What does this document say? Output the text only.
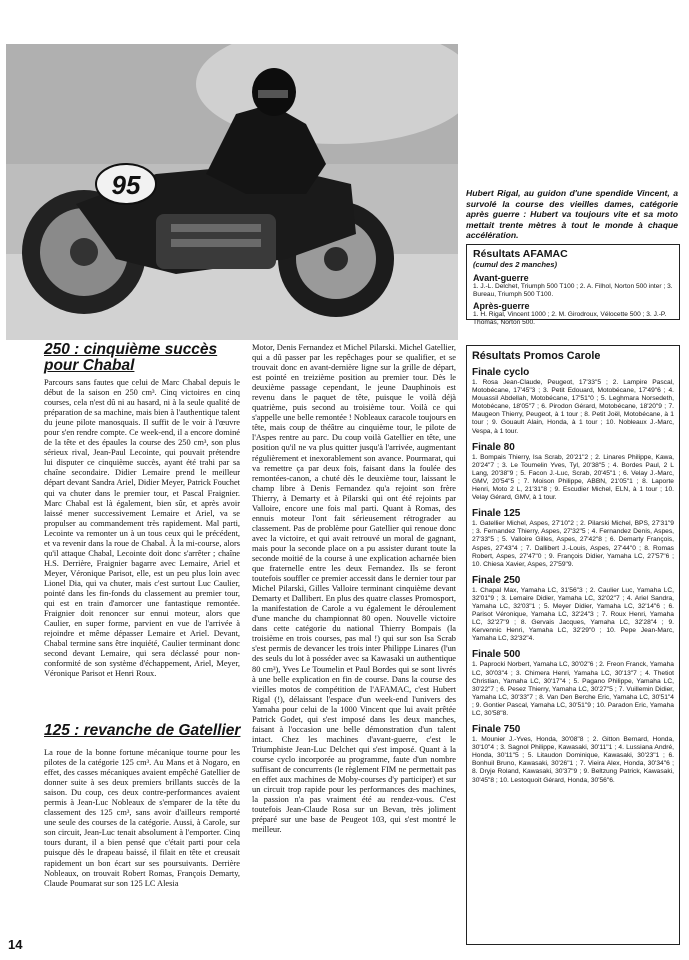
95	Hubert Rigal, au guidon d'une spendide Vincent, a survolé la course des vieilles dames, catégorie après guerre : Hubert va toujours vite et sa moto mettait trente mètres à tout le monde à chaque accélération.

Résultats AFAMAC
(cumul des 2 manches)
Avant-guerre
1. J.-L. Delchet, Triumph 500 T100 ; 2. A. Filhol, Norton 500 inter ; 3. Bureau, Triumph 500 T100.
Après-guerre
1. H. Rigal, Vincent 1000 ; 2. M. Girodroux, Vélocette 500 ; 3. J.-P. Thomas, Norton 500.
Résultats Promos Carole
Finale cyclo

1. Rosa Jean-Claude, Peugeot, 17'33"5 ; 2. Lampire Pascal, Motobécane, 17'45"3 ; 3. Petit Edouard, Motobécane, 17'49"6 ; 4. Mouassil Abdellah, Motobécane, 17'51"0 ; 5. Leghmara Norsedeth, Motobécane, 18'05"7 ; 6. Pirodon Gérard, Motobécane, 18'20"9 ; 7. Maugeon Thierry, Peugeot, à 1 tour ; 8. Petit Joël, Motobécane, à 1 tour ; 9. Gouault Alain, Honda, à 1 tour ; 10. Nobleaux J.-Marc, Vespa, à 1 tour.

Finale 80

1. Bompais Thierry, Isa Scrab, 20'21"2 ; 2. Linares Philippe, Kawa, 20'24"7 ; 3. Le Toumelin Yves, Tyl, 20'38"5 ; 4. Bordes Paul, 2 L Lang, 20'38"9 ; 5. Facon J.-Luc, Scrab, 20'45"1 ; 6. Velay J.-Marc, GMV, 20'54"5 ; 7. Moison Philippe, ABBN, 21'05"1 ; 8. Laporte Henri, Moto 2 L, 21'31"8 ; 9. Escudier Michel, ELN, à 1 tour ; 10. Velay Gérard, GMV, à 1 tour.

Finale 125

1. Gatellier Michel, Aspes, 27'10"2 ; 2. Pilarski Michel, BPS, 27'31"9 ; 3. Fernandez Thierry, Aspes, 27'32"5 ; 4. Fernandez Denis, Aspes, 27'33"5 ; 5. Valloire Gilles, Aspes, 27'42"8 ; 6. Demarty François, Aspes, 27'43"4 ; 7. Dallibert J.-Louis, Aspes, 27'44"0 ; 8. Romas Robert, Aspes, 27'47"0 ; 9. François Didier, Yamaha LC, 27'57"6 ; 10. Chiesa Xavier, Aspes, 27'59"9.

Finale 250

1. Chapal Max, Yamaha LC, 31'56"3 ; 2. Caulier Luc, Yamaha LC, 32'01"9 ; 3. Lemaire Didier, Yamaha LC, 32'02"7 ; 4. Ariel Sandra, Yamaha LC, 32'03"1 ; 5. Meyer Didier, Yamaha LC, 32'14"6 ; 6. Parisot Véronique, Yamaha LC, 32'24"3 ; 7. Roux Henri, Yamaha LC, 32'27"9 ; 8. Gervais Jacques, Yamaha LC, 32'28"4 ; 9. Kervennic Henri, Yamaha LC, 32'29"0 ; 10. Pepe Jean-Marc, Yamaha LC, 32'32"4.

Finale 500

1. Paprocki Norbert, Yamaha LC, 30'02"6 ; 2. Freon Franck, Yamaha LC, 30'03"4 ; 3. Chimera Henri, Yamaha LC, 30'13"7 ; 4. Thetiot Christian, Yamaha LC, 30'17"4 ; 5. Pagano Philippe, Yamaha LC, 30'22"7 ; 6. Pesez Thierry, Yamaha LC, 30'27"5 ; 7. Vuillemin Didier, Yamaha LC, 30'33"7 ; 8. Van Den Berche Eric, Yamaha LC, 30'51"4 ; 9. Gontier Pascal, Yamaha LC, 30'51"9 ; 10. Paradon Eric, Yamaha LC, 30'58"8.

Finale 750

1. Mounier J.-Yves, Honda, 30'08"8 ; 2. Gitton Bernard, Honda, 30'10"4 ; 3. Sagnol Philippe, Kawasaki, 30'11"1 ; 4. Lussiana André, Honda, 30'11"5 ; 5. Litaudon Dominique, Kawasaki, 30'23"1 ; 6. Bonhuil Bruno, Kawasaki, 30'26"1 ; 7. Vieira Alex, Honda, 30'34"6 ; 8. Dryje Roland, Kawasaki, 30'37"9 ; 9. Beltzung Patrick, Kawasaki, 30'45"8 ; 10. Lestoquoit Gérard, Honda, 30'56"6.

250 : cinquième succès
pour Chabal

Parcours sans fautes que celui de Marc Chabal depuis le début de la saison en 250 cm³. Cinq victoires en cinq courses, cela n'est dû ni au hasard, ni à la seule qualité de préparation de sa machine, mais bien à l'authentique talent du jeune pilote manosquais. Il suffit de le voir à l'œuvre pour s'en rendre compte. Ce week-end, il a encore dominé de la tête et des épaules la course des 250 cm³, son plus sérieux rival, Jean-Paul Lecointe, qui pouvait prétendre lui disputer ce cinquième succès, ayant été trahi par sa chaîne secondaire. Didier Lemaire prend le meilleur départ devant Sandra Ariel, Didier Meyer, Patrick Fouchet qui va chuter dans le premier tour, et Pascal Fraignier. Marc Chabal est là également, bien sûr, et après avoir laissé mener successivement Lemaire et Ariel, va se propulser au commandement très rapidement. Mal parti, Lecointe va remonter un à un tous ceux qui le précédent, et va revenir dans la roue de Chabal. À la mi-course, alors qu'il attaque Chabal, Lecointe doit donc s'arrêter ; chaîne H.S. Derrière, Fraignier bagarre avec Lemaire, Ariel et Meyer, Véronique Parisot, elle, est un peu plus loin avec Lionel Dia, qui va chuter, mais c'est surtout Luc Caulier, pointé dans les fin-fonds du classement au premier tour, qui est en train d'amorcer une fantastique remontée. Fraignier doit renoncer sur ennui moteur, alors que Caulier, en super forme, parvient en vue de l'arrivée à rejoindre et même dépasser Lemaire et Ariel. Devant, Chabal termine sans être inquiété, Caulier terminant donc second devant Lemaire, qui sera déclassé pour non-conformité de son système d'échappement, Ariel, Meyer, Véronique Parisot et Henri Roux.

125 : revanche de Gatellier

La roue de la bonne fortune mécanique tourne pour les pilotes de la catégorie 125 cm³. Au Mans et à Nogaro, en effet, des casses mécaniques avaient empêché Gatellier de donner suite à ses deux premiers brillants succès de la saison. Du coup, ces deux contre-performances avaient permis à Jean-Luc Nobleaux de s'emparer de la tête du classement des 125 cm³, sans avoir d'ailleurs remporté une seule des courses de la catégorie. Aussi, à Carole, sur son circuit, Jean-Luc tenait absolument à l'emporter. Cinq tours durant, il a bien pensé que c'était parti pour cela puisque dès le drapeau baissé, il filait en tête et creusait rapidement un bon écart sur ses poursuivants. Derrière Nobleaux, on trouvait Robert Romas, François Demarty, Claude Poumarat sur son 125 LC Alesia

Motor, Denis Fernandez et Michel Pilarski. Michel Gatellier, qui a dû passer par les repêchages pour se qualifier, et se trouvait donc en avant-dernière ligne sur la grille de départ, est pointé en treizième position au premier tour. Dès le deuxième passage cependant, le jeune Dauphinois est revenu dans le paquet de tête, puisque le voilà déjà quatrième, puis second au troisième tour. Voilà ce qui s'appelle une belle remontée ! Nobleaux caracole toujours en tête, mais coup de théâtre au cinquième tour, le pilote de l'Aspes rentre au parc. Du coup voilà Gatellier en tête, une position qu'il ne va plus quitter jusqu'à l'arrivée, augmentant régulièrement et inexorablement son avance. Pourmarat, qui va remettre ça par deux fois, faisant dans la foulée des remontées-canon, a chuté dès le deuxième tour, laissant le champ libre à Denis Fernandez qu'a rejoint son frère Thierry, à Demarty et à Pilarski qui ont été rejoints par Valloire, encore une fois mal parti. Quant à Romas, des ennuis moteur l'ont fait sérieusement rétrograder au classement. Pas de problème pour Gatellier qui renoue donc avec la victoire, et qui avait retrouvé un moral de gagnant, mais pour la seconde place on a pu assister durant toute la seconde moitié de la course à une explication acharnée bien que fraternelle entre les deux Fernandez. Ils se feront toutefois souffler ce premier accessit dans le dernier tour par Michel Pilarski, Gilles Valloire terminant cinquième devant Demarty et Dallibert. En plus des quatre classes Promosport, la manifestation de Carole a vu également le déroulement d'une manche du championnat 80 open. Nouvelle victoire dans cette catégorie du national Thierry Bompais (la troisième en trois courses, pas mal !) qui sur son Isa Scrab s'est permis de devancer les trois inter Philippe Linares (l'un des seuls du lot à posséder avec sa Kawasaki un authentique 80 cm³), Yves Le Toumelin et Paul Bordes qui se sont livrés à une belle explication en fin de course. Dans la course des vieilles motos de compétition de l'AFAMAC, c'est Hubert Rigal (!), délaissant l'espace d'un week-end l'univers des Yamaha pour celui de la 1000 Vincent que lui avait prêtée Patrick Godet, qui s'est imposé dans les deux manches, faisant à l'occasion une belle démonstration d'un talent intact. Chez les machines d'avant-guerre, c'est le Triumphiste Jean-Luc Delchet qui s'est imposé. Quant à la course cyclo incorporée au programme, faute d'un nombre suffisant de concurrents (le règlement FIM ne permettait pas en effet aux machines de Moby-courses d'y participer) et sur un circuit trop rapide pour les performances des machines, la passion n'a pas vraiment été au rendez-vous. C'est toutefois Jean-Claude Rosa sur un Bevan, très joliment préparé sur une base de Peugeot 103, qui s'est montré le meilleur.

14
